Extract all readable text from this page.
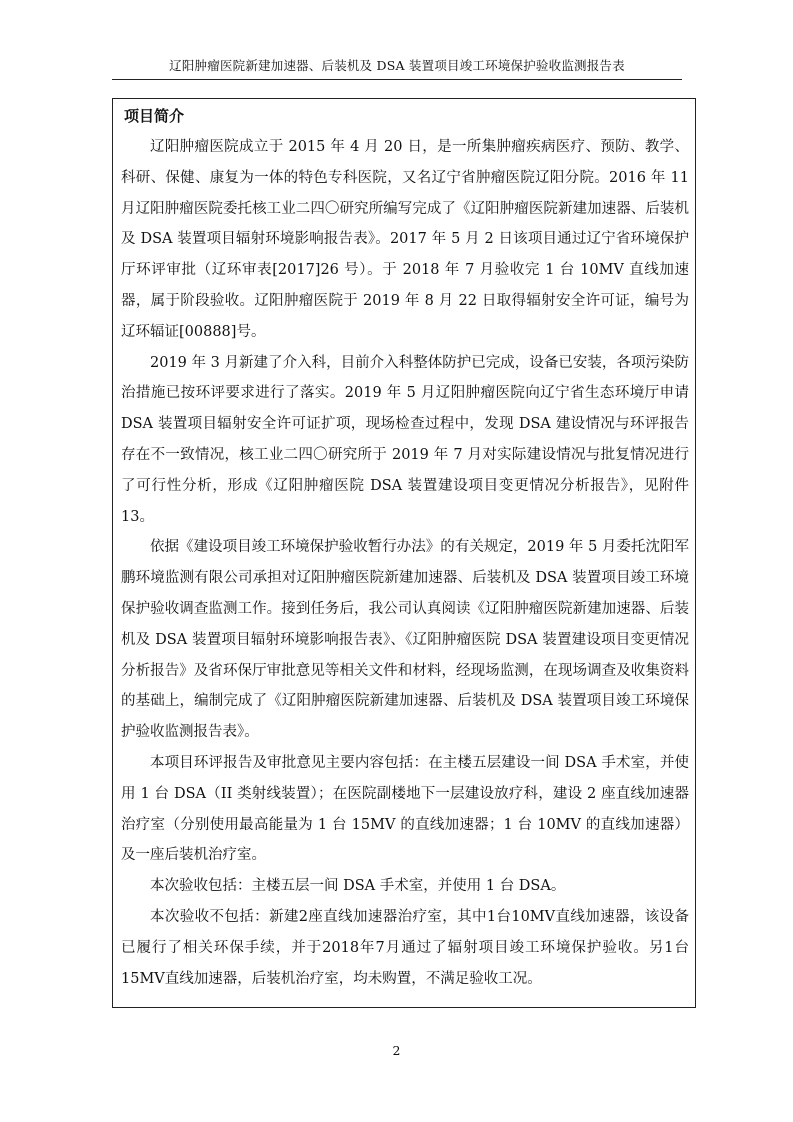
辽阳肿瘤医院新建加速器、后装机及 DSA 装置项目竣工环境保护验收监测报告表
项目简介

辽阳肿瘤医院成立于 2015 年 4 月 20 日，是一所集肿瘤疾病医疗、预防、教学、科研、保健、康复为一体的特色专科医院，又名辽宁省肿瘤医院辽阳分院。2016 年 11 月辽阳肿瘤医院委托核工业二四〇研究所编写完成了《辽阳肿瘤医院新建加速器、后装机及 DSA 装置项目辐射环境影响报告表》。2017 年 5 月 2 日该项目通过辽宁省环境保护厅环评审批（辽环审表[2017]26 号）。于 2018 年 7 月验收完 1 台 10MV 直线加速器，属于阶段验收。辽阳肿瘤医院于 2019 年 8 月 22 日取得辐射安全许可证，编号为辽环辐证[00888]号。

2019 年 3 月新建了介入科，目前介入科整体防护已完成，设备已安装，各项污染防治措施已按环评要求进行了落实。2019 年 5 月辽阳肿瘤医院向辽宁省生态环境厅申请 DSA 装置项目辐射安全许可证扩项，现场检查过程中，发现 DSA 建设情况与环评报告存在不一致情况，核工业二四〇研究所于 2019 年 7 月对实际建设情况与批复情况进行了可行性分析，形成《辽阳肿瘤医院 DSA 装置建设项目变更情况分析报告》，见附件 13。

依据《建设项目竣工环境保护验收暂行办法》的有关规定，2019 年 5 月委托沈阳军鹏环境监测有限公司承担对辽阳肿瘤医院新建加速器、后装机及 DSA 装置项目竣工环境保护验收调查监测工作。接到任务后，我公司认真阅读《辽阳肿瘤医院新建加速器、后装机及 DSA 装置项目辐射环境影响报告表》、《辽阳肿瘤医院 DSA 装置建设项目变更情况分析报告》及省环保厅审批意见等相关文件和材料，经现场监测，在现场调查及收集资料的基础上，编制完成了《辽阳肿瘤医院新建加速器、后装机及 DSA 装置项目竣工环境保护验收监测报告表》。

本项目环评报告及审批意见主要内容包括：在主楼五层建设一间 DSA 手术室，并使用 1 台 DSA（II 类射线装置）；在医院副楼地下一层建设放疗科，建设 2 座直线加速器治疗室（分别使用最高能量为 1 台 15MV 的直线加速器；1 台 10MV 的直线加速器）及一座后装机治疗室。

本次验收包括：主楼五层一间 DSA 手术室，并使用 1 台 DSA。

本次验收不包括：新建2座直线加速器治疗室，其中1台10MV直线加速器，该设备已履行了相关环保手续，并于2018年7月通过了辐射项目竣工环境保护验收。另1台15MV直线加速器，后装机治疗室，均未购置，不满足验收工况。

2
